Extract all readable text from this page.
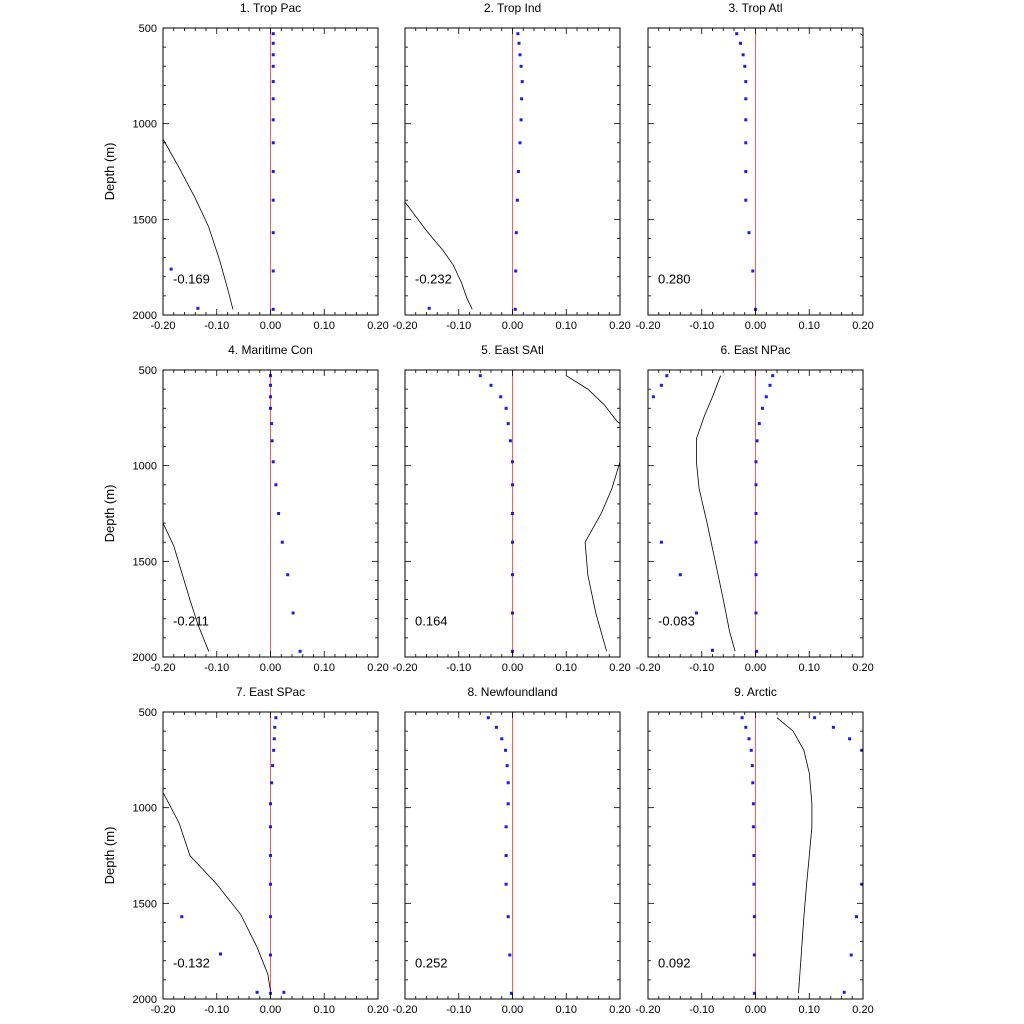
-0.20	-0.10	0.00	0.10	0.20
500
1000
1500
2000
Depth (m)
1. Trop Pac
-0.169
-0.20	-0.10	0.00	0.10	0.20
2. Trop Ind
-0.232
-0.20	-0.10	0.00	0.10	0.20
3. Trop Atl
0.280
-0.20	-0.10	0.00	0.10	0.20
500
1000
1500
2000
Depth (m)
4. Maritime Con
-0.211
-0.20	-0.10	0.00	0.10	0.20
5. East SAtl
0.164
-0.20	-0.10	0.00	0.10	0.20
6. East NPac
-0.083
-0.20	-0.10	0.00	0.10	0.20
500
1000
1500
2000
Depth (m)
7. East SPac
-0.132
-0.20	-0.10	0.00	0.10	0.20
8. Newfoundland
0.252
-0.20	-0.10	0.00	0.10	0.20
9. Arctic
0.092
